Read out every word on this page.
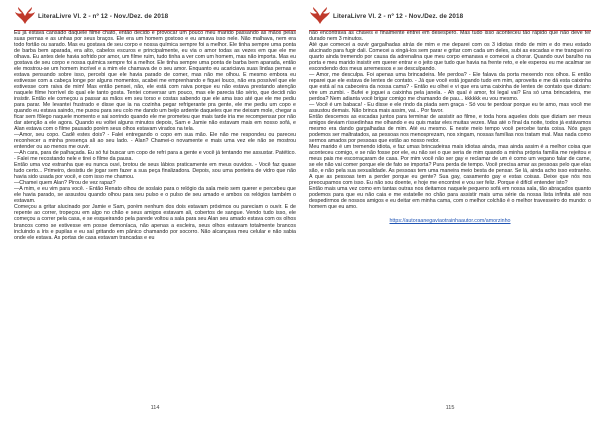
LiteraLivre Vl. 2 - nº 12 - Nov./Dez. de 2018

Eu já estava cansado daquele filme chato, então decido e provocar um pouco meu marido passando as mãos pelas suas pernas e as unhas por seus braços. Ele era um homem gostoso e eu amava isso nele. Não malhava, nem era todo fortão ou sarado. Mas eu gostava de seu corpo e nossa química sempre foi a melhor. Ele tinha sempre uma ponta de barba bem aparada, era alto, cabelos escuros e principalmente, eu via o amor todas as vezes em que ele me olhava. Eu antes dele havia sofrido por amor, um filme ruim, tudo tinha a ver com um homem, mas não importa. Mas eu gostava de seu corpo e nossa química sempre foi a melhor. Ele tinha sempre uma ponta de barba bem aparada, então ele mostrou-se um homem incrível e a mim ele chamava de o seu amor. Enquanto eu acariciava suas lindas pernas e estava pensando sobre isso, percebi que ele havia parado de comer, mas não me olhou. E mesmo embora eu estivesse com a cabeça longe por alguns momentos, acabei me emprenhando e fiquei louco, não era possível que ele estivesse com raiva de mim! Mas então pensei, não, ele está com raiva porque eu não estava prestando atenção naquele filme horrível do qual ele tanto gosta. Tentei conversar um pouco, mas ele parecia tão sério, que decidi não insistir. Então ele começou a passar as mãos em seu torso e costas sabendo que ele ama isso até que ele me pediu para parar. Me levantei frustrado e disse que ia na cozinha pegar refrigerante pra gente, ele me pediu um copo e quando eu estava saindo, me puxou para seu colo me dando um beijo ardente daqueles que me deixam mole, chegar a ficar sem fôlego naquele momento e sai sorrindo quando ele me prometeu que mais tarde iria me recompensar por não dar atenção a ele agora. Quando eu voltei alguns minutos depois, Sam e Jamie não estavam mais em nosso sofá, e Alan estava com o filme pausado porém seus olhos estavam virados na tela.

—Amor, seu copo. Cadê estes dois? - Falei entregando o copo em sua mão. Ele não me respondeu ou pareceu reconhecer a minha presença ali ao seu lado. - Alan? Chamei-o novamente e mais uma vez ele não se mostrou entender ou ao menos me ouvir.

—Ah cara, para de palhaçada. Eu só fui buscar um copo de refri para a gente e você já tentando me assustar. Patético. - Falei me recostando nele e tirei o filme da pausa.

Então uma voz estranha que eu nunca ouvi, brotou de seus lábios praticamente em meus ouvidos. - Você faz quase tudo certo... Primeiro, desistiu de jogar sem fazer a sua peça finalizadora. Depois, sou uma ponteira de vidro que não havia sido usada por você, e com isso me chamou.

—Chamei quem Alan? Pirou de vez rapaz?

—A mim, e eu vim para você. - Então Renato olhou de soslaio para o relógio da sala meio sem querer e percebeu que ele havia parado, se assustou quando olhou para seu pulso e o pulso de seu amado e ambos os relógios também o estavam.

Começou a gritar alucinado por Jamie e Sam, porém nenhum dos dois estavam próximos ou pareciam o ouvir. E de repente ao correr, tropeçou em algo no chão e seus amigos estavam ali, cobertos de sangue. Vendo tudo isso, ele começou a correr pela casa, e se esqueirando pela parede voltou a sala para seu Alan seu amado estava com os olhos brancos como se estivesse em posse demoníaca, não apenas a escleira, seus olhos estavam totalmente brancos incluindo a íris e pupilas e eu saí gritando em pânico chamando por socorro. Não alcançava meu celular e não sabia onde ele estava. As portas de casa estavam trancadas e eu

114
LiteraLivre Vl. 2 - nº 12 - Nov./Dez. de 2018

não encontrava as chaves e finalmente entrei em desespero. Mas tudo isso aconteceu tão rápido que não deve ter durado nem 3 minutos.

Até que comecei a ouvir gargalhadas atrás de mim e me deparei com os 3 idiotas rindo de mim e do meu estado alucinado para fugir dali. Comecei a xingá-los sem parar e gritar com cada um deles, subi as escadas e me tranquei no quarto ainda tremendo por causa da adrenalina que meu corpo emanava e comecei a chorar. Quando ouvi barulho na porta e meu marido insistir em querer entrar e o jeito que tudo que havia na frente reto, e ele esperou eu me acalmar se escondendo dos meus arremessos e se desculpando.

— Amor, me desculpa. Foi apenas uma brincadeira. Me perdoa? - Ele falava da porta mexendo nos olhos. E então reparei que ele estava de lentes de contato. - Já que você está jogando tudo em mim, aproveita e me dá esta caixinha que está aí na cabeceira da nossa cama? - Então eu olhei e vi que era uma caixinha de lentes de contato que diziam: vire um zumbi. - Bufei e joguei a caixinha pela janela. - Ah qual é amor, foi legal vai? Era só uma brincadeira, me perdoa? Nem adianta você brigar comigo me chamando de pau... kkkkkk eu vou mesmo.

— Você é um babaca! - Eu disse e ele rindo da piada sem graça - Só vou te perdoar porque eu te amo, mas você me assustou demais. Não brinca mais assim, vai... Por favor.

Então descemos as escadas juntos para terminar de assistir ao filme, e toda hora aqueles dois que diziam ser meus amigos deviam ríssedinhas me olhando e eu quis matar eles muitas vezes. Mas até o final da noite, todos já estávamos mesmo era dando gargalhadas de mim. Até eu mesmo. E neste meio tempo você percebe tanta coisa. Nós gays podemos ser maltratados, as pessoas nos menosprezam, nos xingam, nossas famílias nos tratam mal. Mas nada como sermos amados por pessoas que estão ao nosso redor.

Meu marido é um tremendo idiota, e faz umas brincadeiras mais idiotas ainda, mas ainda assim é a melhor coisa que aconteceu comigo, e se não fosse por ele, eu não sei o que seria de mim quando a minha própria família me rejeitou e meus pais me escorraçaram de casa. Por mim você não ser gay e reclamar de um é como um vegano falar de carne, se ele não vai comer porque ele de fato se importa? Pura perda de tempo. Você precisa amar as pessoas pelo que elas são, e não pela sua sexualidade. As pessoas tem uma maneira meio besta de pensar. Se lá, ainda acho isso estranho. A que as pessoas tem a perder porque eu gente? Sua gay, casamento gay e estas coisas. Deixe que nós nos preocupamos com isso. Eu não sou doente, e hoje me encontrei e vou ser feliz. Porque é difícil entender isto?

Então mais uma vez como em tantas outras nos deitamos naquele pequeno sofá em nossa sala, tão abraçados quanto podemos para que eu não caia e me estatelle no chão para assistir mais uma série da nossa lista infinita até nos despedirmos de nossos amigos e eu deitar em minha cama, com o melhor colchão é o melhor travesseiro do mundo: o homem que eu amo.

https://autoraanegaviaotrainhaautor.com/amorzinho
115
